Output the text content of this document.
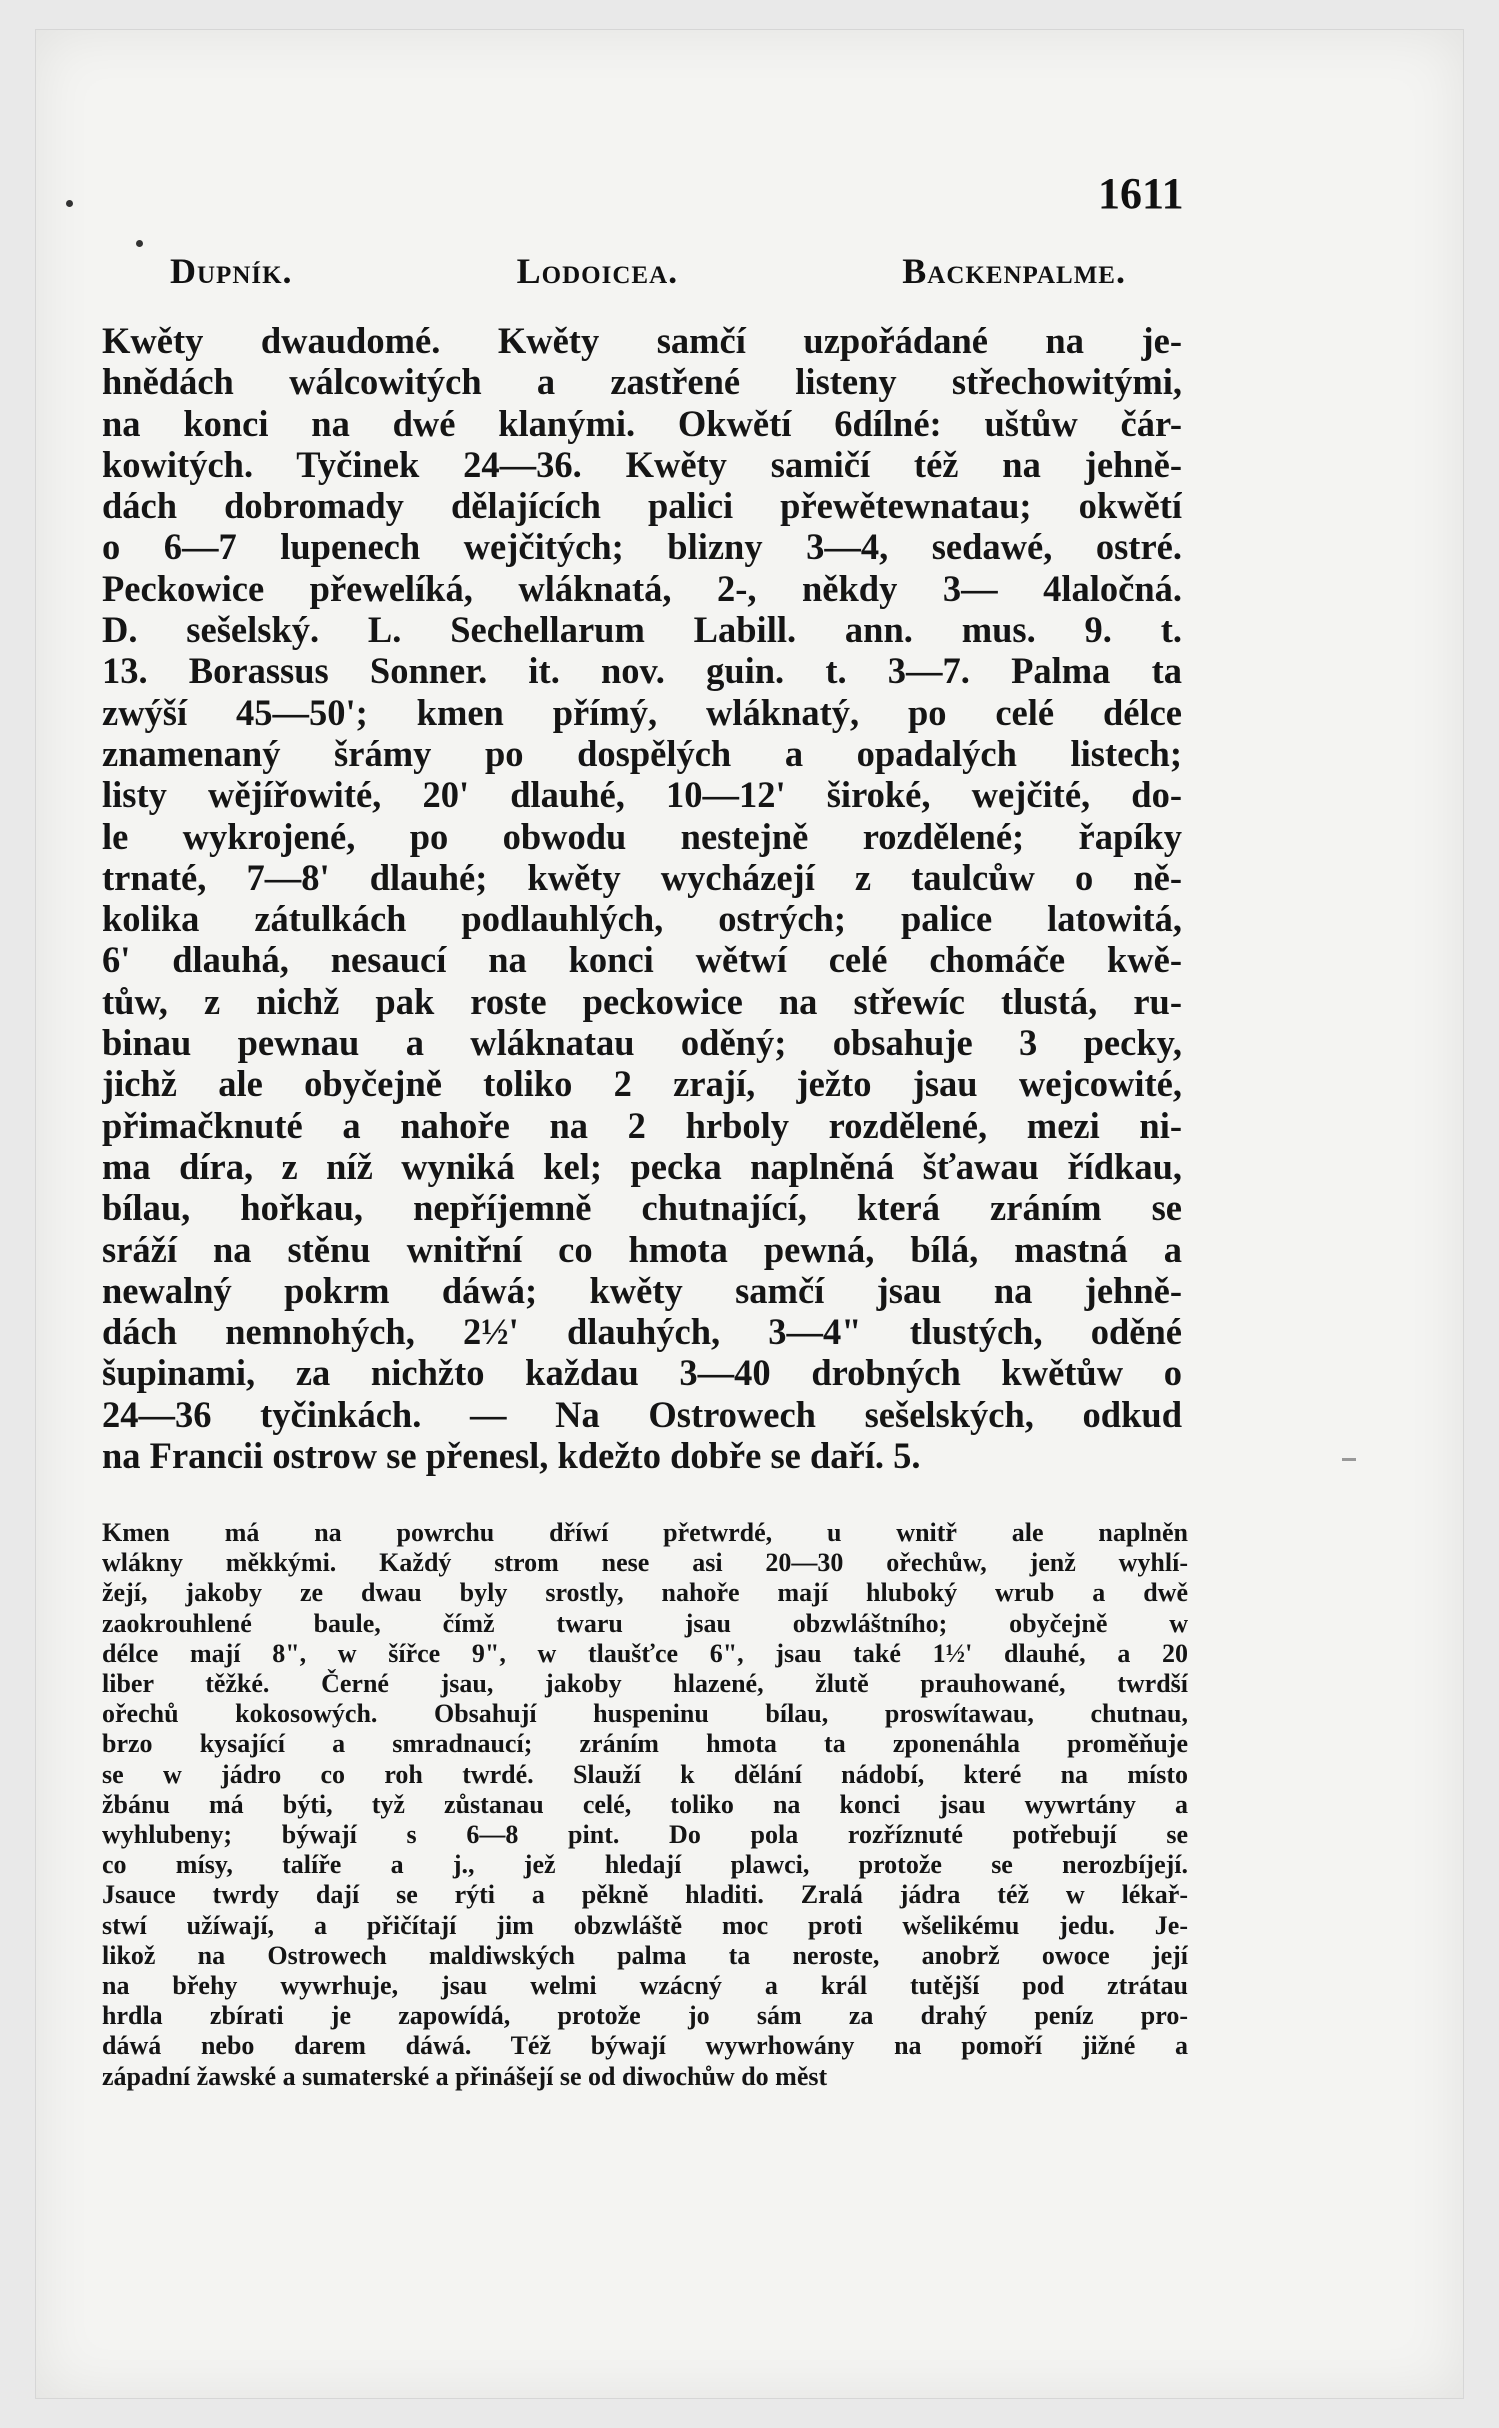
1611
Dupník.	Lodoicea.	Backenpalme.
Kwěty dwaudomé. Kwěty samčí uzpořádané na je-
hnědách wálcowitých a zastřené listeny střechowitými,
na konci na dwé klanými. Okwětí 6dílné: uštůw čár-
kowitých. Tyčinek 24—36. Kwěty samičí též na jehně-
dách dobromady dělajících palici přewětewnatau; okwětí
o 6—7 lupenech wejčitých; blizny 3—4, sedawé, ostré.
Peckowice přewelíká, wláknatá, 2-, někdy 3— 4laločná.
D. sešelský. L. Sechellarum Labill. ann. mus. 9. t.
13. Borassus Sonner. it. nov. guin. t. 3—7. Palma ta
zwýší 45—50'; kmen přímý, wláknatý, po celé délce
znamenaný šrámy po dospělých a opadalých listech;
listy wějířowité, 20' dlauhé, 10—12' široké, wejčité, do-
le wykrojené, po obwodu nestejně rozdělené; řapíky
trnaté, 7—8' dlauhé; kwěty wycházejí z taulcůw o ně-
kolika zátulkách podlauhlých, ostrých; palice latowitá,
6' dlauhá, nesaucí na konci wětwí celé chomáče kwě-
tůw, z nichž pak roste peckowice na střewíc tlustá, ru-
binau pewnau a wláknatau oděný; obsahuje 3 pecky,
jichž ale obyčejně toliko 2 zrají, ježto jsau wejcowité,
přimačknuté a nahoře na 2 hrboly rozdělené, mezi ni-
ma díra, z níž wyniká kel; pecka naplněná šťawau řídkau,
bílau, hořkau, nepříjemně chutnající, která zráním se
sráží na stěnu wnitřní co hmota pewná, bílá, mastná a
newalný pokrm dáwá; kwěty samčí jsau na jehně-
dách nemnohých, 2½' dlauhých, 3—4" tlustých, oděné
šupinami, za nichžto každau 3—40 drobných kwětůw o
24—36 tyčinkách. — Na Ostrowech sešelských, odkud
na Francii ostrow se přenesl, kdežto dobře se daří. 5.
Kmen má na powrchu dříwí přetwrdé, u wnitř ale naplněn
wlákny měkkými. Každý strom nese asi 20—30 ořechůw, jenž wyhlí-
žejí, jakoby ze dwau byly srostly, nahoře mají hluboký wrub a dwě
zaokrouhlené baule, čímž twaru jsau obzwláštního; obyčejně w
délce mají 8", w šířce 9", w tlaušťce 6", jsau také 1½' dlauhé, a 20
liber těžké. Černé jsau, jakoby hlazené, žlutě prauhowané, twrdší
ořechů kokosowých. Obsahují huspeninu bílau, proswítawau, chutnau,
brzo kysající a smradnaucí; zráním hmota ta zponenáhla proměňuje
se w jádro co roh twrdé. Slauží k dělání nádobí, které na místo
žbánu má býti, tyž zůstanau celé, toliko na konci jsau wywrtány a
wyhlubeny; býwají s 6—8 pint. Do pola rozříznuté potřebují se
co mísy, talíře a j., jež hledají plawci, protože se nerozbíjejí.
Jsauce twrdy dají se rýti a pěkně hladiti. Zralá jádra též w lékař-
stwí užíwají, a přičítají jim obzwláště moc proti wšelikému jedu. Je-
likož na Ostrowech maldiwských palma ta neroste, anobrž owoce její
na břehy wywrhuje, jsau welmi wzácný a král tutější pod ztrátau
hrdla zbírati je zapowídá, protože jo sám za drahý peníz pro-
dáwá nebo darem dáwá. Též býwají wywrhowány na pomoří jižné a
západní žawské a sumaterské a přinášejí se od diwochůw do měst
